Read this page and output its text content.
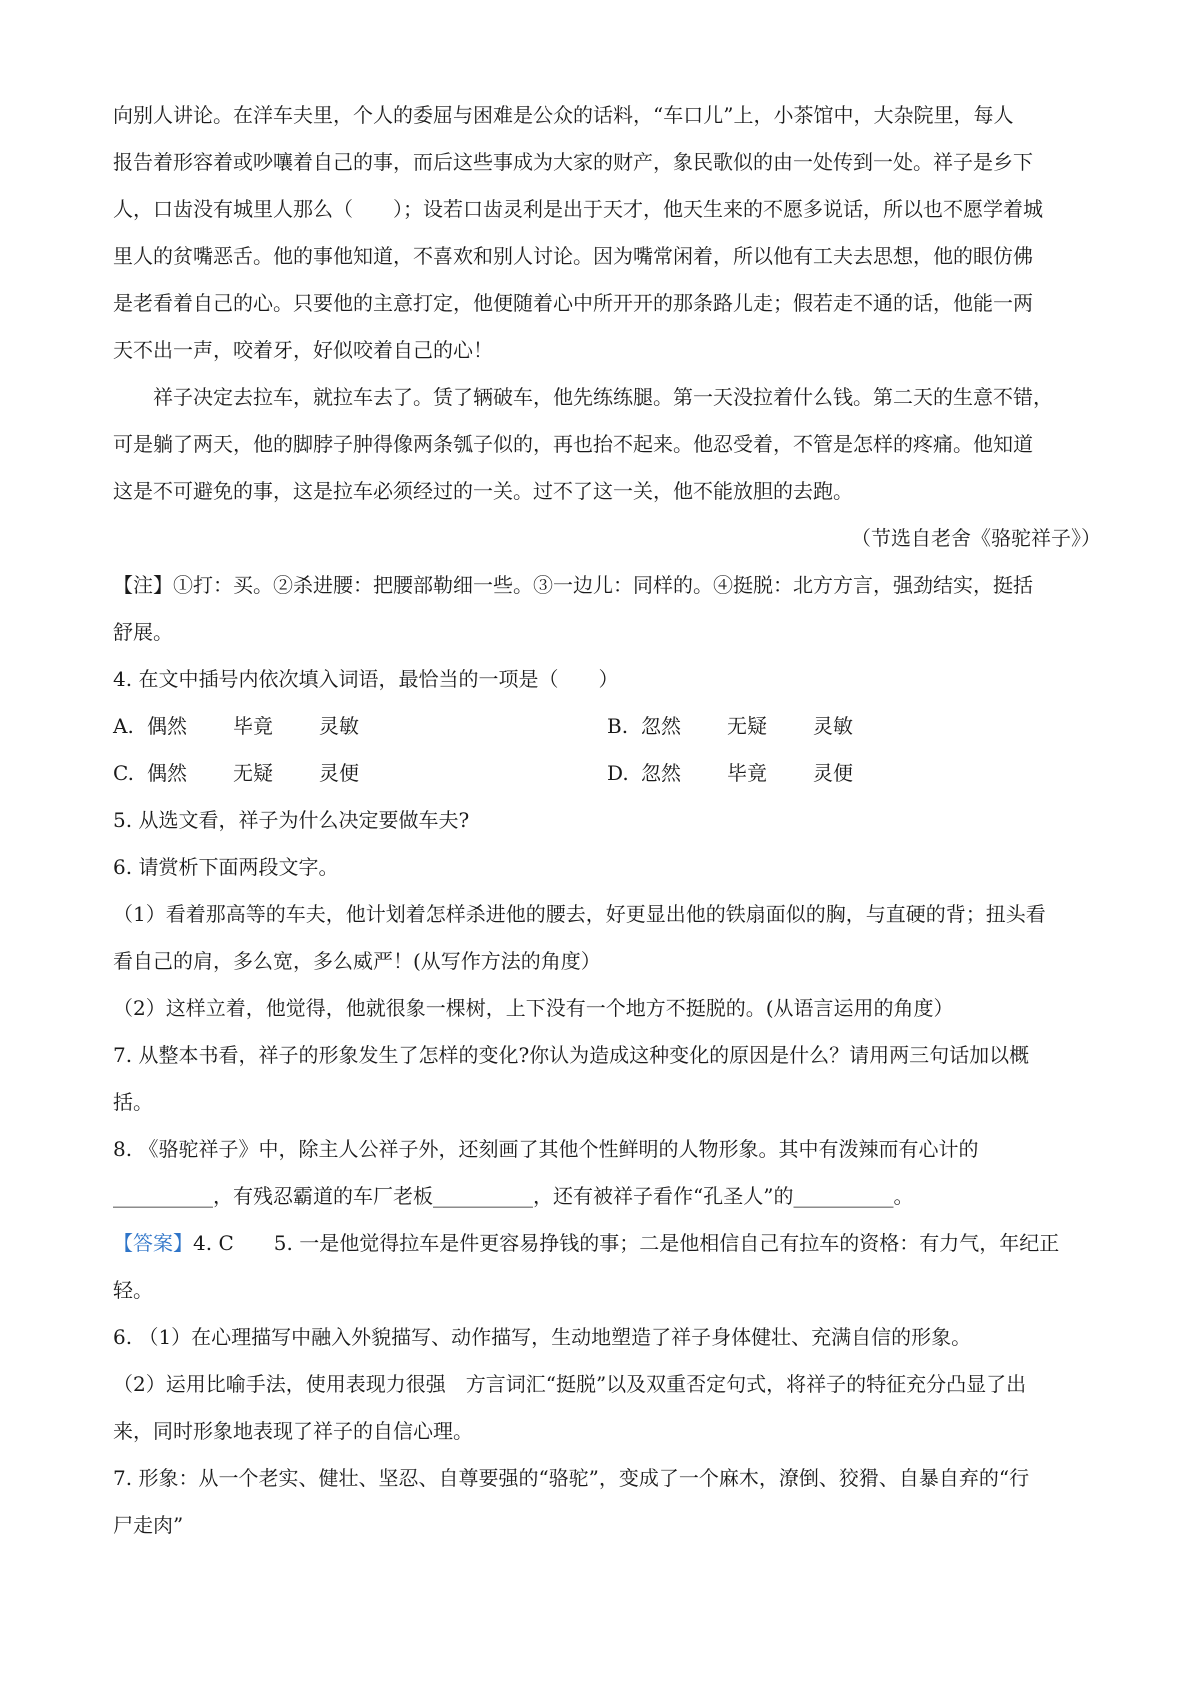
向别人讲论。在洋车夫里，个人的委屈与困难是公众的话料，“车口儿”上，小茶馆中，大杂院里，每人

报告着形容着或吵嚷着自己的事，而后这些事成为大家的财产，象民歌似的由一处传到一处。祥子是乡下

人，口齿没有城里人那么（　　）；设若口齿灵利是出于天才，他天生来的不愿多说话，所以也不愿学着城

里人的贫嘴恶舌。他的事他知道，不喜欢和别人讨论。因为嘴常闲着，所以他有工夫去思想，他的眼仿佛

是老看着自己的心。只要他的主意打定，他便随着心中所开开的那条路儿走；假若走不通的话，他能一两

天不出一声，咬着牙，好似咬着自己的心！

祥子决定去拉车，就拉车去了。赁了辆破车，他先练练腿。第一天没拉着什么钱。第二天的生意不错，

可是躺了两天，他的脚脖子肿得像两条瓠子似的，再也抬不起来。他忍受着，不管是怎样的疼痛。他知道

这是不可避免的事，这是拉车必须经过的一关。过不了这一关，他不能放胆的去跑。

（节选自老舍《骆驼祥子》）

【注】①打：买。②杀进腰：把腰部勒细一些。③一边儿：同样的。④挺脱：北方方言，强劲结实，挺括

舒展。

4. 在文中插号内依次填入词语，最恰当的一项是（　　）

A. 偶然	毕竟	灵敏	B. 忽然	无疑	灵敏
C. 偶然	无疑	灵便	D. 忽然	毕竟	灵便

5. 从选文看，祥子为什么决定要做车夫?

6. 请赏析下面两段文字。

（1）看着那高等的车夫，他计划着怎样杀进他的腰去，好更显出他的铁扇面似的胸，与直硬的背；扭头看

看自己的肩，多么宽，多么威严！(从写作方法的角度）

（2）这样立着，他觉得，他就很象一棵树，上下没有一个地方不挺脱的。(从语言运用的角度）

7. 从整本书看，祥子的形象发生了怎样的变化?你认为造成这种变化的原因是什么？请用两三句话加以概

括。

8. 《骆驼祥子》中，除主人公祥子外，还刻画了其他个性鲜明的人物形象。其中有泼辣而有心计的

__________，有残忍霸道的车厂老板__________，还有被祥子看作“孔圣人”的__________。

【答案】4. C　　 5. 一是他觉得拉车是件更容易挣钱的事；二是他相信自己有拉车的资格：有力气，年纪正

轻。

6. （1）在心理描写中融入外貌描写、动作描写，生动地塑造了祥子身体健壮、充满自信的形象。

（2）运用比喻手法，使用表现力很强　方言词汇“挺脱”以及双重否定句式，将祥子的特征充分凸显了出

来，同时形象地表现了祥子的自信心理。

7. 形象：从一个老实、健壮、坚忍、自尊要强的“骆驼”，变成了一个麻木，潦倒、狡猾、自暴自弃的“行

尸走肉”
